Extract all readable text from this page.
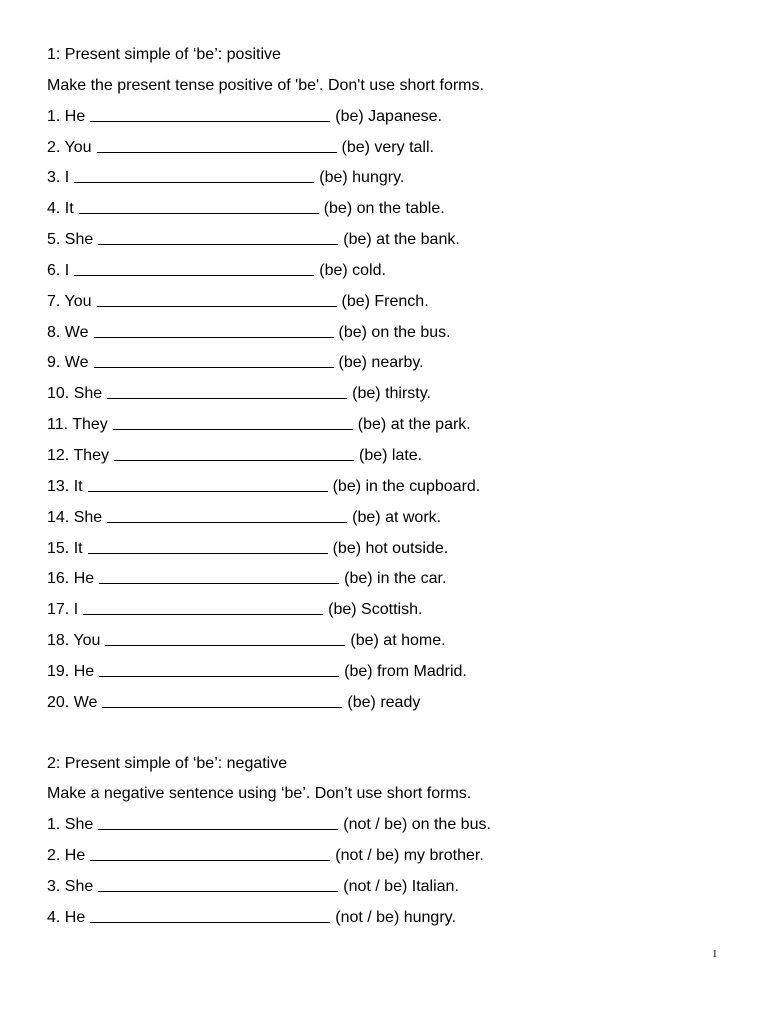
1: Present simple of ‘be’: positive
Make the present tense positive of 'be'. Don't use short forms.
1. He	(be) Japanese.
2. You	(be) very tall.
3. I	(be) hungry.
4. It	(be) on the table.
5. She	(be) at the bank.
6. I	(be) cold.
7. You	(be) French.
8. We	(be) on the bus.
9. We	(be) nearby.
10. She	(be) thirsty.
11. They	(be) at the park.
12. They	(be) late.
13. It	(be) in the cupboard.
14. She	(be) at work.
15. It	(be) hot outside.
16. He	(be) in the car.
17. I	(be) Scottish.
18. You	(be) at home.
19. He	(be) from Madrid.
20. We	(be) ready
2: Present simple of ‘be’: negative
Make a negative sentence using ‘be’. Don’t use short forms.
1. She	(not / be) on the bus.
2. He	(not / be) my brother.
3. She	(not / be) Italian.
4. He	(not / be) hungry.
1
